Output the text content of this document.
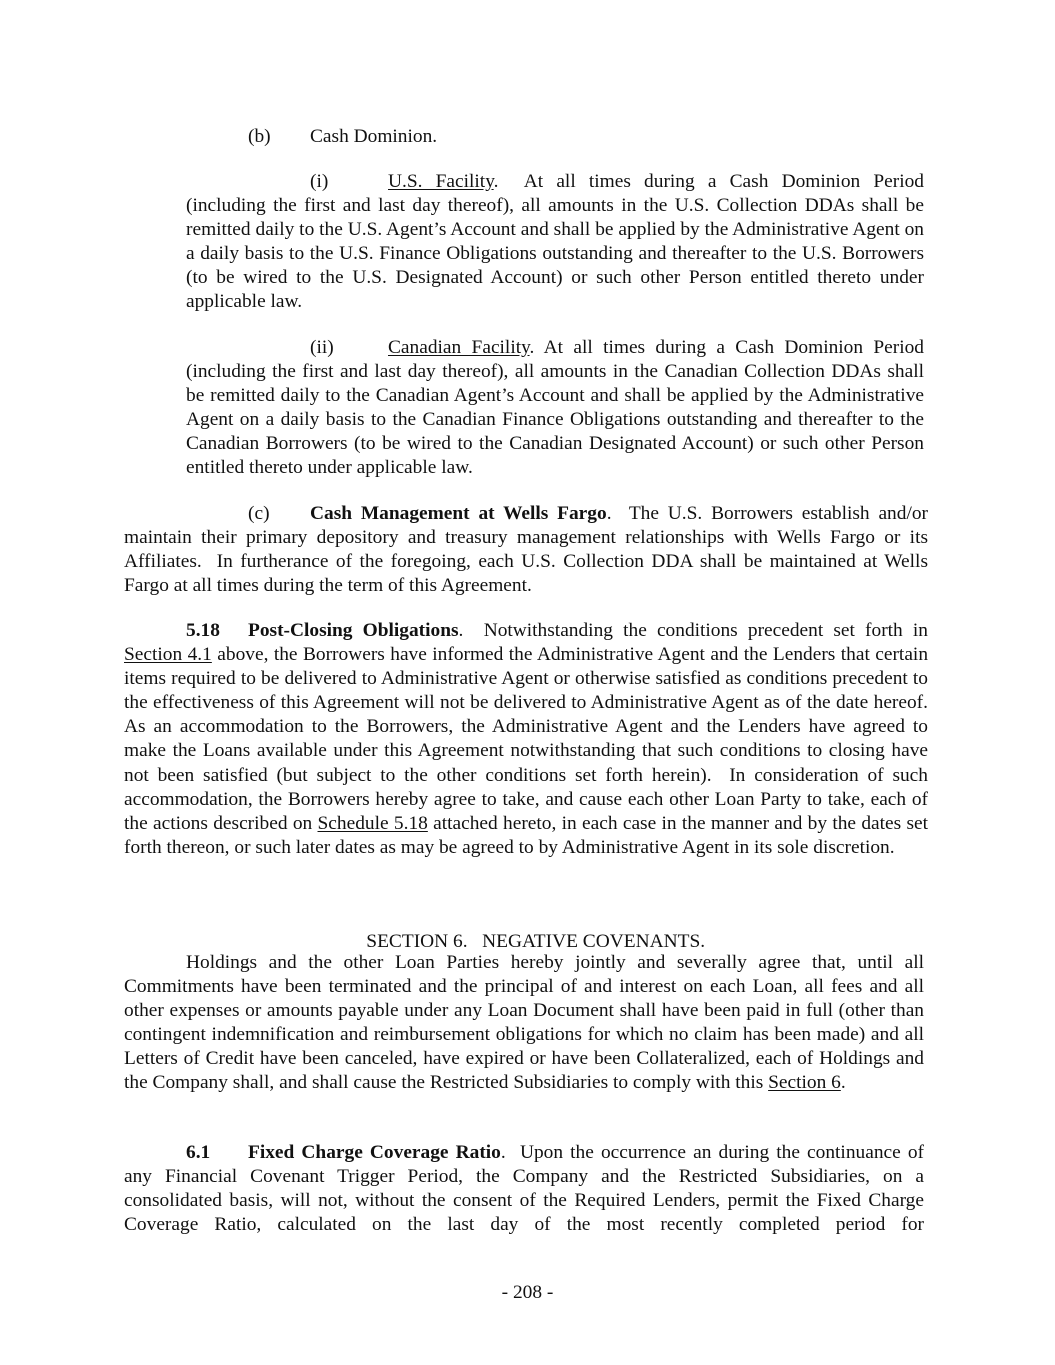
(b) Cash Dominion.
(i)	U.S. Facility.  At all times during a Cash Dominion Period (including the first and last day thereof), all amounts in the U.S. Collection DDAs shall be remitted daily to the U.S. Agent’s Account and shall be applied by the Administrative Agent on a daily basis to the U.S. Finance Obligations outstanding and thereafter to the U.S. Borrowers (to be wired to the U.S. Designated Account) or such other Person entitled thereto under applicable law.
(ii)	Canadian Facility. At all times during a Cash Dominion Period (including the first and last day thereof), all amounts in the Canadian Collection DDAs shall be remitted daily to the Canadian Agent’s Account and shall be applied by the Administrative Agent on a daily basis to the Canadian Finance Obligations outstanding and thereafter to the Canadian Borrowers (to be wired to the Canadian Designated Account) or such other Person entitled thereto under applicable law.
(c) Cash Management at Wells Fargo.  The U.S. Borrowers establish and/or maintain their primary depository and treasury management relationships with Wells Fargo or its Affiliates.  In furtherance of the foregoing, each U.S. Collection DDA shall be maintained at Wells Fargo at all times during the term of this Agreement.
5.18 Post-Closing Obligations.  Notwithstanding the conditions precedent set forth in Section 4.1 above, the Borrowers have informed the Administrative Agent and the Lenders that certain items required to be delivered to Administrative Agent or otherwise satisfied as conditions precedent to the effectiveness of this Agreement will not be delivered to Administrative Agent as of the date hereof.  As an accommodation to the Borrowers, the Administrative Agent and the Lenders have agreed to make the Loans available under this Agreement notwithstanding that such conditions to closing have not been satisfied (but subject to the other conditions set forth herein).  In consideration of such accommodation, the Borrowers hereby agree to take, and cause each other Loan Party to take, each of the actions described on Schedule 5.18 attached hereto, in each case in the manner and by the dates set forth thereon, or such later dates as may be agreed to by Administrative Agent in its sole discretion.

SECTION 6.   NEGATIVE COVENANTS.

Holdings and the other Loan Parties hereby jointly and severally agree that, until all Commitments have been terminated and the principal of and interest on each Loan, all fees and all other expenses or amounts payable under any Loan Document shall have been paid in full (other than contingent indemnification and reimbursement obligations for which no claim has been made) and all Letters of Credit have been canceled, have expired or have been Collateralized, each of Holdings and the Company shall, and shall cause the Restricted Subsidiaries to comply with this Section 6.
6.1 Fixed Charge Coverage Ratio.  Upon the occurrence an during the continuance of any Financial Covenant Trigger Period, the Company and the Restricted Subsidiaries, on a consolidated basis, will not, without the consent of the Required Lenders, permit the Fixed Charge Coverage Ratio, calculated on the last day of the most recently completed period for
- 208 -
